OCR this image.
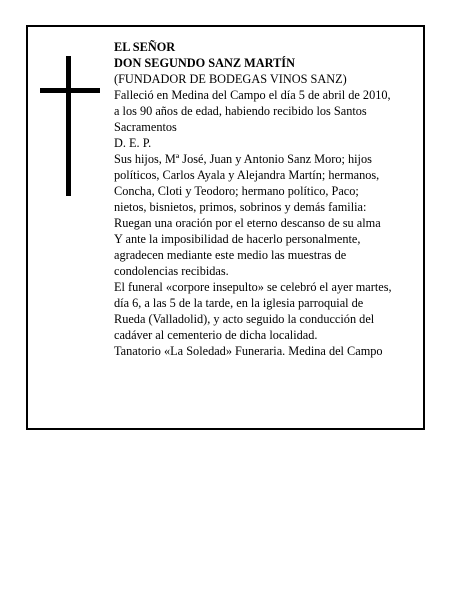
EL SEÑOR

DON SEGUNDO SANZ MARTÍN

(FUNDADOR DE BODEGAS VINOS SANZ)

Falleció en Medina del Campo el día 5 de abril de 2010,

a los 90 años de edad, habiendo recibido los Santos

Sacramentos

D. E. P.

Sus hijos, Mª José, Juan y Antonio Sanz Moro; hijos

políticos, Carlos Ayala y Alejandra Martín; hermanos,

Concha, Cloti y Teodoro; hermano político, Paco;

nietos, bisnietos, primos, sobrinos y demás familia:

Ruegan una oración por el eterno descanso de su alma

Y ante la imposibilidad de hacerlo personalmente,

agradecen mediante este medio las muestras de

condolencias recibidas.

El funeral «corpore insepulto» se celebró el ayer martes,

día 6, a las 5 de la tarde, en la iglesia parroquial de

Rueda (Valladolid), y acto seguido la conducción del

cadáver al cementerio de dicha localidad.

Tanatorio «La Soledad» Funeraria. Medina del Campo
